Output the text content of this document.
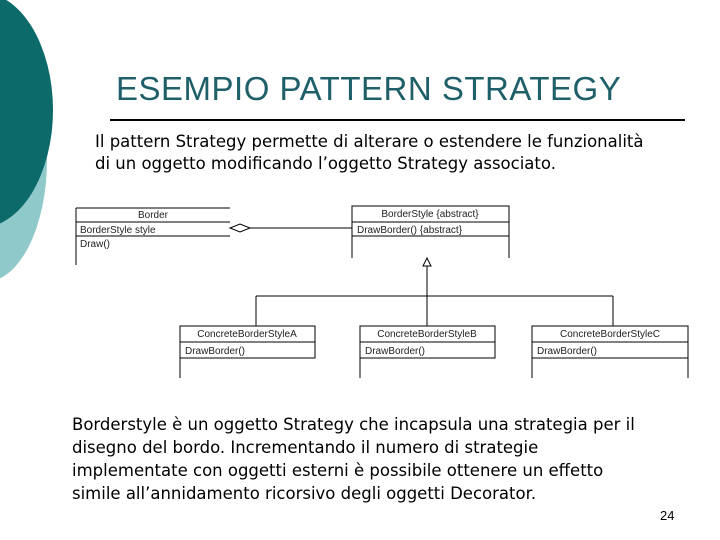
ESEMPIO PATTERN STRATEGY

Il pattern Strategy permette di alterare o estendere le funzionalità
di un oggetto modificando l’oggetto Strategy associato.

Border
BorderStyle style
Draw()
BorderStyle {abstract}
DrawBorder() {abstract}
ConcreteBorderStyleA
DrawBorder()
ConcreteBorderStyleB
DrawBorder()
ConcreteBorderStyleC
DrawBorder()

Borderstyle è un oggetto Strategy che incapsula una strategia per il
disegno del bordo. Incrementando il numero di strategie
implementate con oggetti esterni è possibile ottenere un effetto
simile all’annidamento ricorsivo degli oggetti Decorator.

24
